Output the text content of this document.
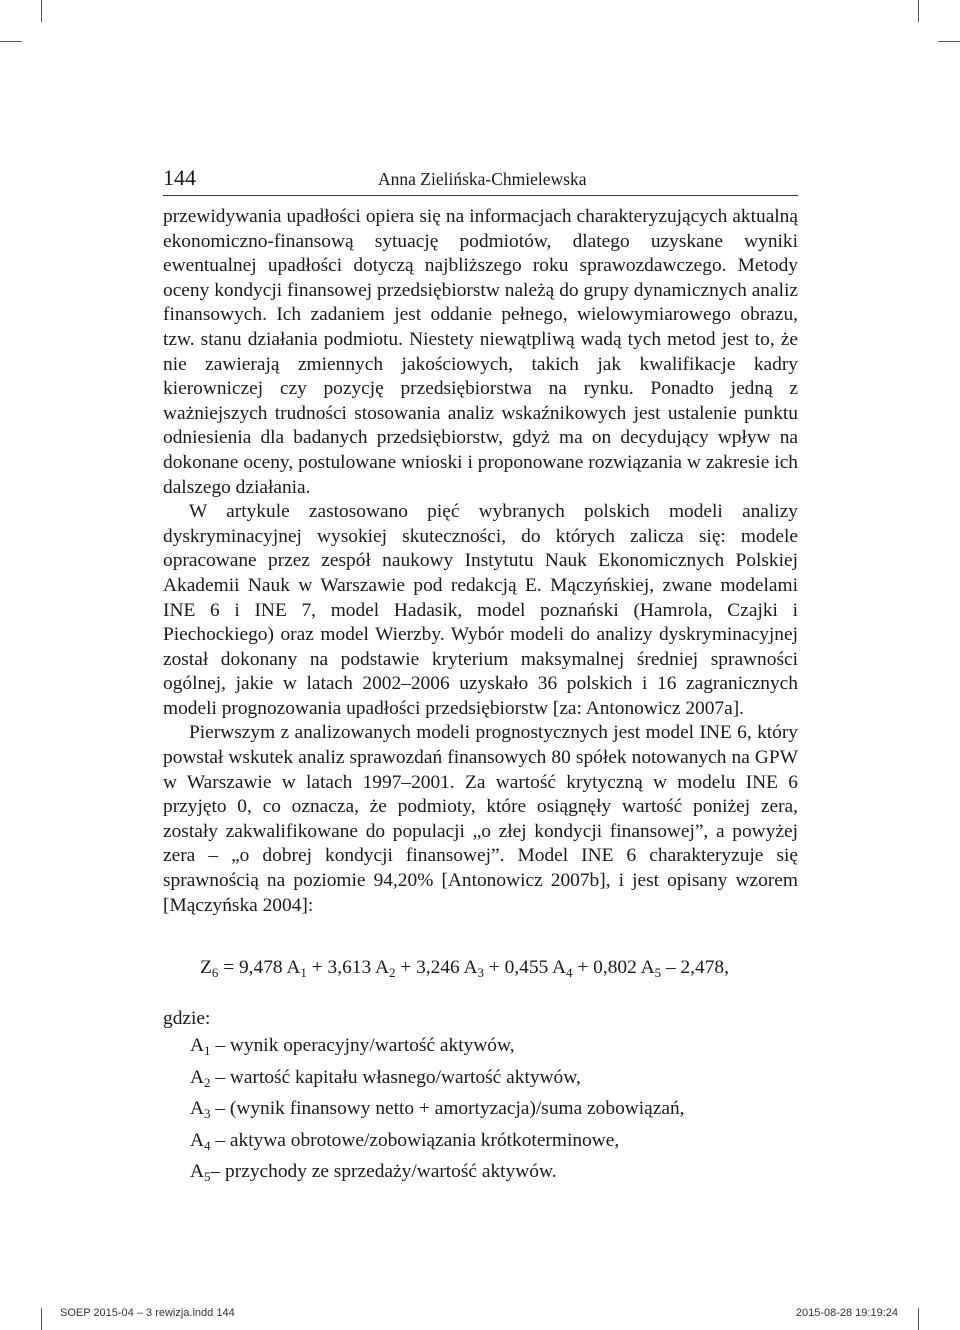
144	Anna Zielińska-Chmielewska

przewidywania upadłości opiera się na informacjach charakteryzujących aktualną ekonomiczno-finansową sytuację podmiotów, dlatego uzyskane wyniki ewentualnej upadłości dotyczą najbliższego roku sprawozdawczego. Metody oceny kondycji finansowej przedsiębiorstw należą do grupy dynamicznych analiz finansowych. Ich zadaniem jest oddanie pełnego, wielowymiarowego obrazu, tzw. stanu działania podmiotu. Niestety niewątpliwą wadą tych metod jest to, że nie zawierają zmiennych jakościowych, takich jak kwalifikacje kadry kierowniczej czy pozycję przedsiębiorstwa na rynku. Ponadto jedną z ważniejszych trudności stosowania analiz wskaźnikowych jest ustalenie punktu odniesienia dla badanych przedsiębiorstw, gdyż ma on decydujący wpływ na dokonane oceny, postulowane wnioski i proponowane rozwiązania w zakresie ich dalszego działania.

W artykule zastosowano pięć wybranych polskich modeli analizy dyskryminacyjnej wysokiej skuteczności, do których zalicza się: modele opracowane przez zespół naukowy Instytutu Nauk Ekonomicznych Polskiej Akademii Nauk w Warszawie pod redakcją E. Mączyńskiej, zwane modelami INE 6 i INE 7, model Hadasik, model poznański (Hamrola, Czajki i Piechockiego) oraz model Wierzby. Wybór modeli do analizy dyskryminacyjnej został dokonany na podstawie kryterium maksymalnej średniej sprawności ogólnej, jakie w latach 2002–2006 uzyskało 36 polskich i 16 zagranicznych modeli prognozowania upadłości przedsiębiorstw [za: Antonowicz 2007a].

Pierwszym z analizowanych modeli prognostycznych jest model INE 6, który powstał wskutek analiz sprawozdań finansowych 80 spółek notowanych na GPW w Warszawie w latach 1997–2001. Za wartość krytyczną w modelu INE 6 przyjęto 0, co oznacza, że podmioty, które osiągnęły wartość poniżej zera, zostały zakwalifikowane do populacji „o złej kondycji finansowej”, a powyżej zera – „o dobrej kondycji finansowej”. Model INE 6 charakteryzuje się sprawnością na poziomie 94,20% [Antonowicz 2007b], i jest opisany wzorem [Mączyńska 2004]:

$Z_6 = 9,478$ $A_1 + 3,613$ $A_2 + 3,246$ $A_3 + 0,455$ $A_4 + 0,802$ $A_5 - 2,478$,
gdzie:
$A_1$ – wynik operacyjny/wartość aktywów,
$A_2$ – wartość kapitału własnego/wartość aktywów,
$A_3$ – (wynik finansowy netto + amortyzacja)/suma zobowiązań,
$A_4$ – aktywa obrotowe/zobowiązania krótkoterminowe,
$A_5-$ przychody ze sprzedaży/wartość aktywów.
SOEP 2015-04 – 3 rewizja.indd 144	2015-08-28 19:19:24
